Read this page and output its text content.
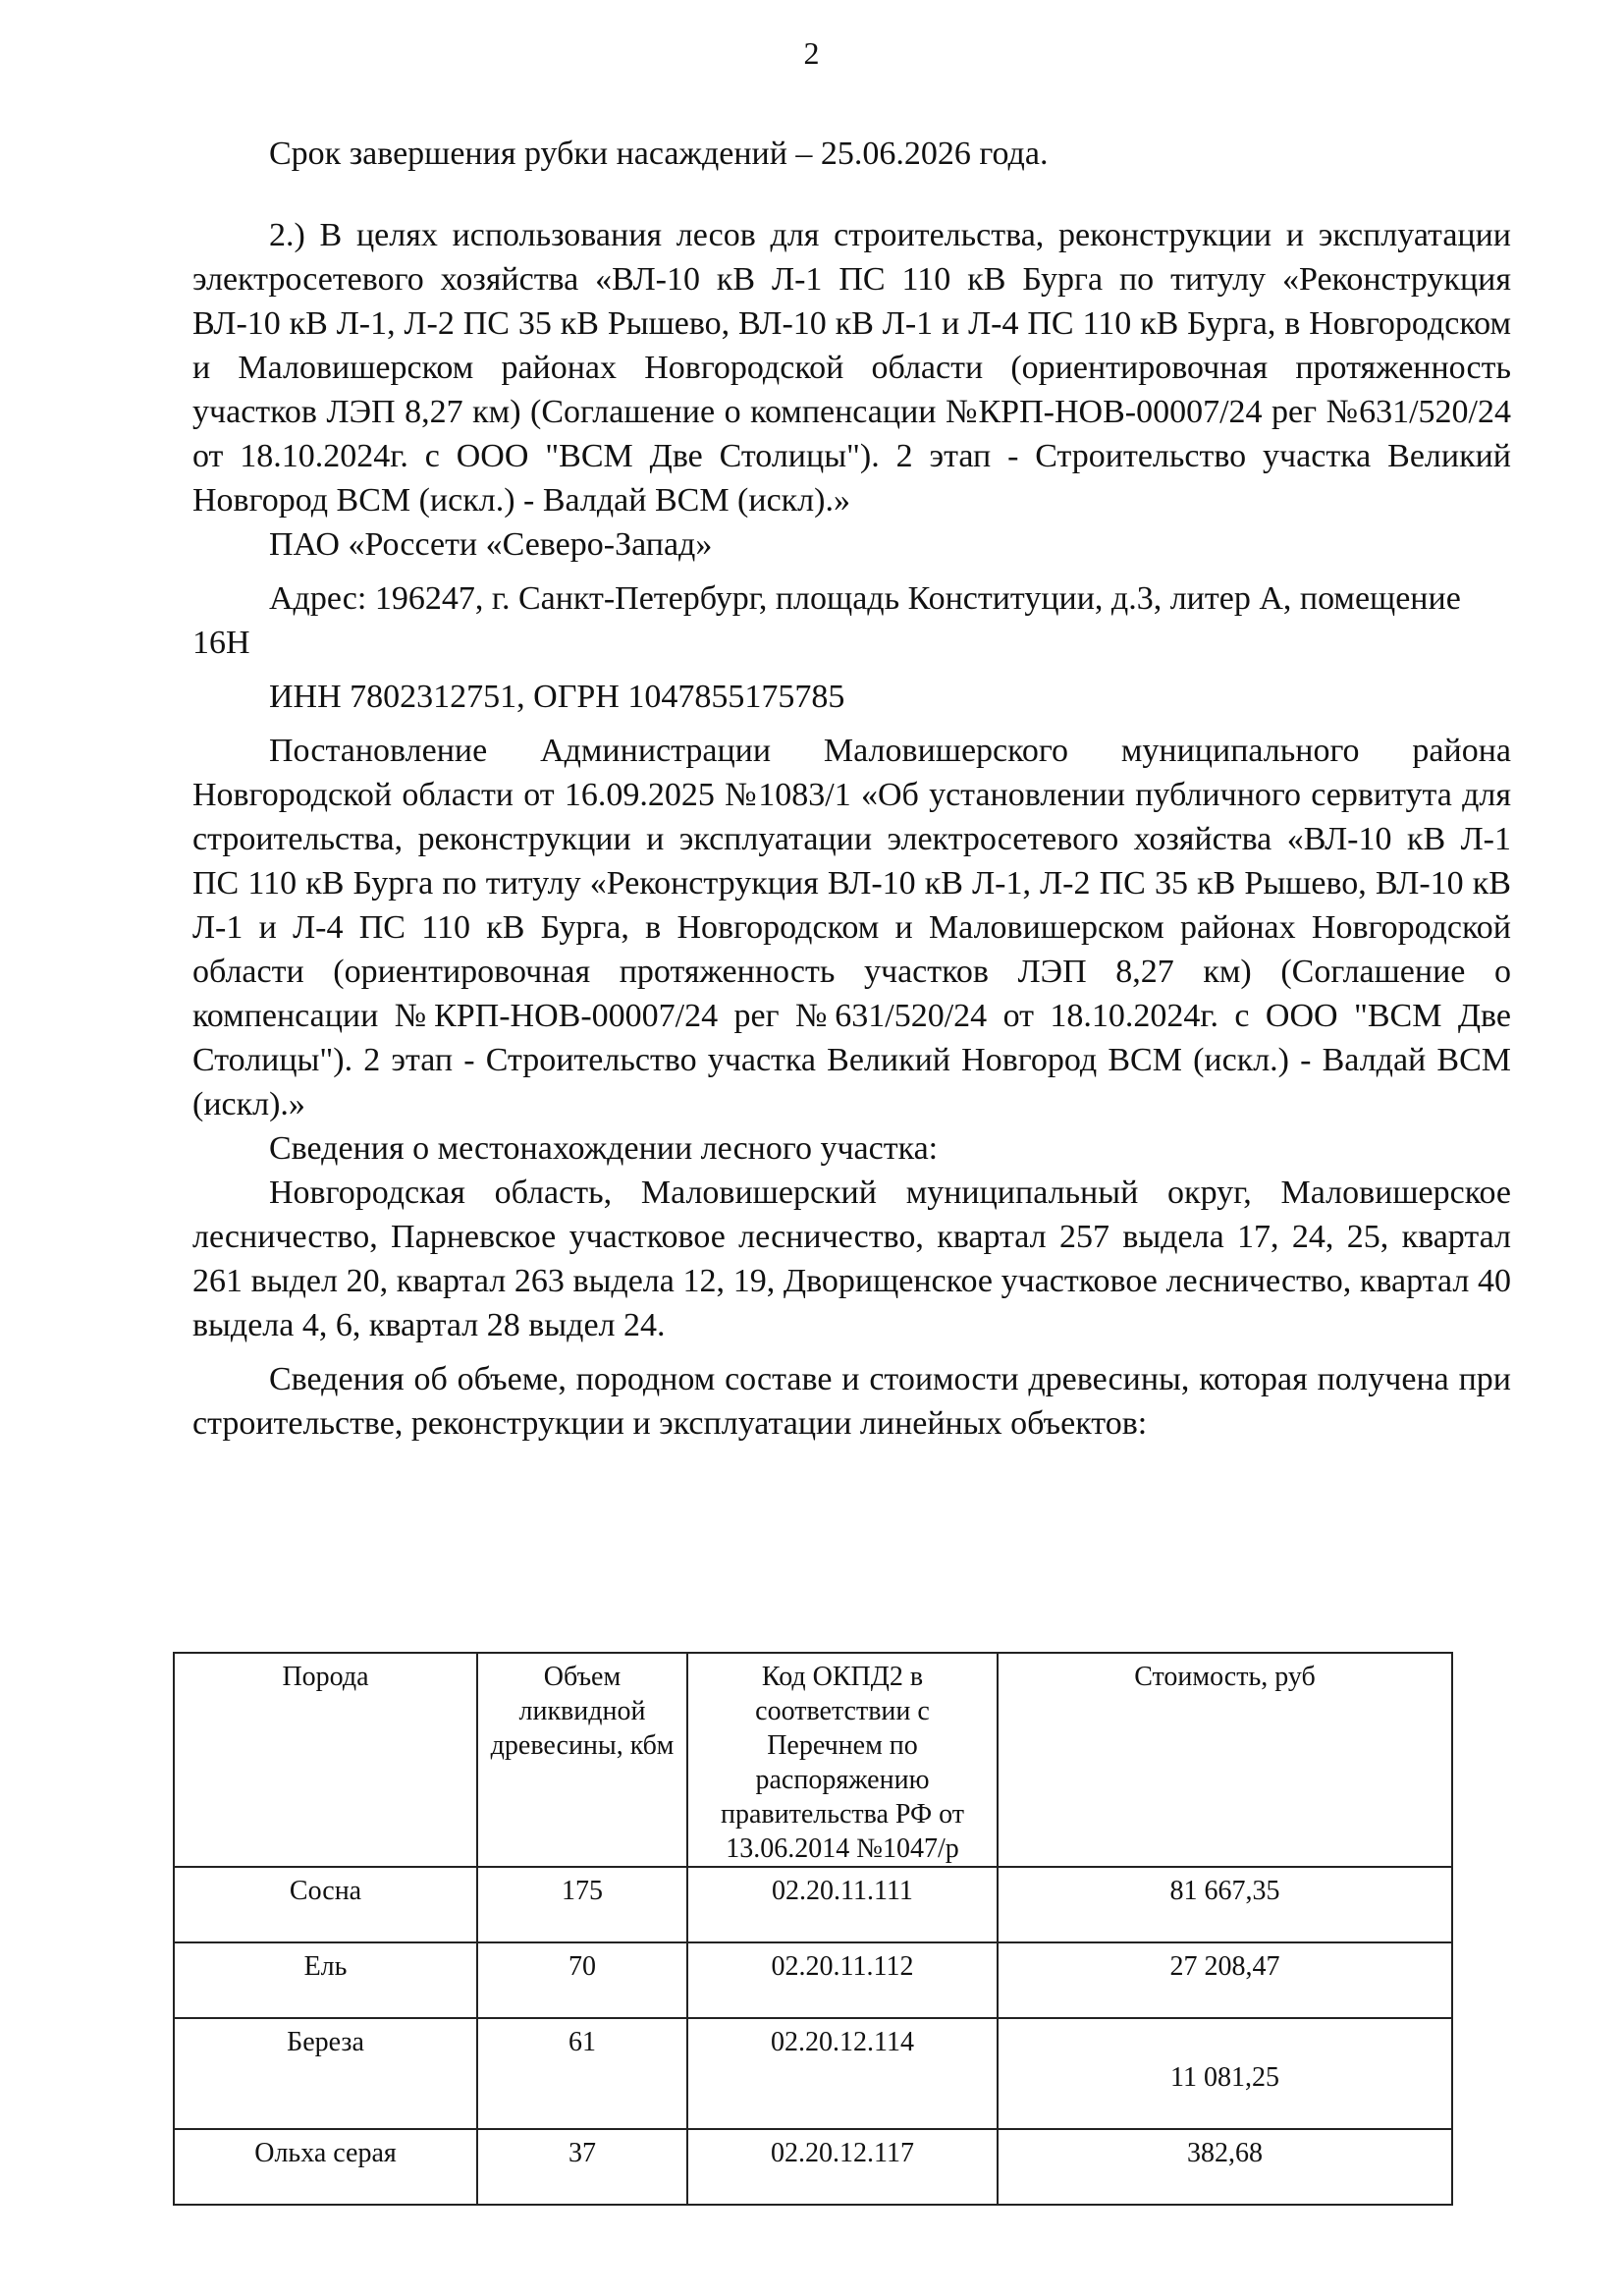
2

Срок завершения рубки насаждений – 25.06.2026 года.

2.) В целях использования лесов для строительства, реконструкции и эксплуатации электросетевого хозяйства «ВЛ-10 кВ Л-1 ПС 110 кВ Бурга по титулу «Реконструкция ВЛ-10 кВ Л-1, Л-2 ПС 35 кВ Рышево, ВЛ-10 кВ Л-1 и Л-4 ПС 110 кВ Бурга, в Новгородском и Маловишерском районах Новгородской области (ориентировочная протяженность участков ЛЭП 8,27 км) (Соглашение о компенсации №КРП-НОВ-00007/24 рег №631/520/24 от 18.10.2024г. с ООО "ВСМ Две Столицы"). 2 этап - Строительство участка Великий Новгород ВСМ (искл.) - Валдай ВСМ (искл).»

ПАО «Россети «Северо-Запад»

Адрес: 196247, г. Санкт-Петербург, площадь Конституции, д.3, литер А, помещение 16Н

ИНН 7802312751, ОГРН 1047855175785

Постановление Администрации Маловишерского муниципального района Новгородской области от 16.09.2025 №1083/1 «Об установлении публичного сервитута для строительства, реконструкции и эксплуатации электросетевого хозяйства «ВЛ-10 кВ Л-1 ПС 110 кВ Бурга по титулу «Реконструкция ВЛ-10 кВ Л-1, Л-2 ПС 35 кВ Рышево, ВЛ-10 кВ Л-1 и Л-4 ПС 110 кВ Бурга, в Новгородском и Маловишерском районах Новгородской области (ориентировочная протяженность участков ЛЭП 8,27 км) (Соглашение о компенсации №КРП-НОВ-00007/24 рег №631/520/24 от 18.10.2024г. с ООО "ВСМ Две Столицы"). 2 этап - Строительство участка Великий Новгород ВСМ (искл.) - Валдай ВСМ (искл).»

Сведения о местонахождении лесного участка:

Новгородская область, Маловишерский муниципальный округ, Маловишерское лесничество, Парневское участковое лесничество, квартал 257 выдела 17, 24, 25, квартал 261 выдел 20, квартал 263 выдела 12, 19, Дворищенское участковое лесничество, квартал 40 выдела 4, 6, квартал 28 выдел 24.

Сведения об объеме, породном составе и стоимости древесины, которая получена при строительстве, реконструкции и эксплуатации линейных объектов:

Порода	Объем ликвидной древесины, кбм	Код ОКПД2 в соответствии с Перечнем по распоряжению правительства РФ от 13.06.2014 №1047/р	Стоимость, руб
Сосна	175	02.20.11.111	81 667,35
Ель	70	02.20.11.112	27 208,47
Береза	61	02.20.12.114	11 081,25
Ольха серая	37	02.20.12.117	382,68
